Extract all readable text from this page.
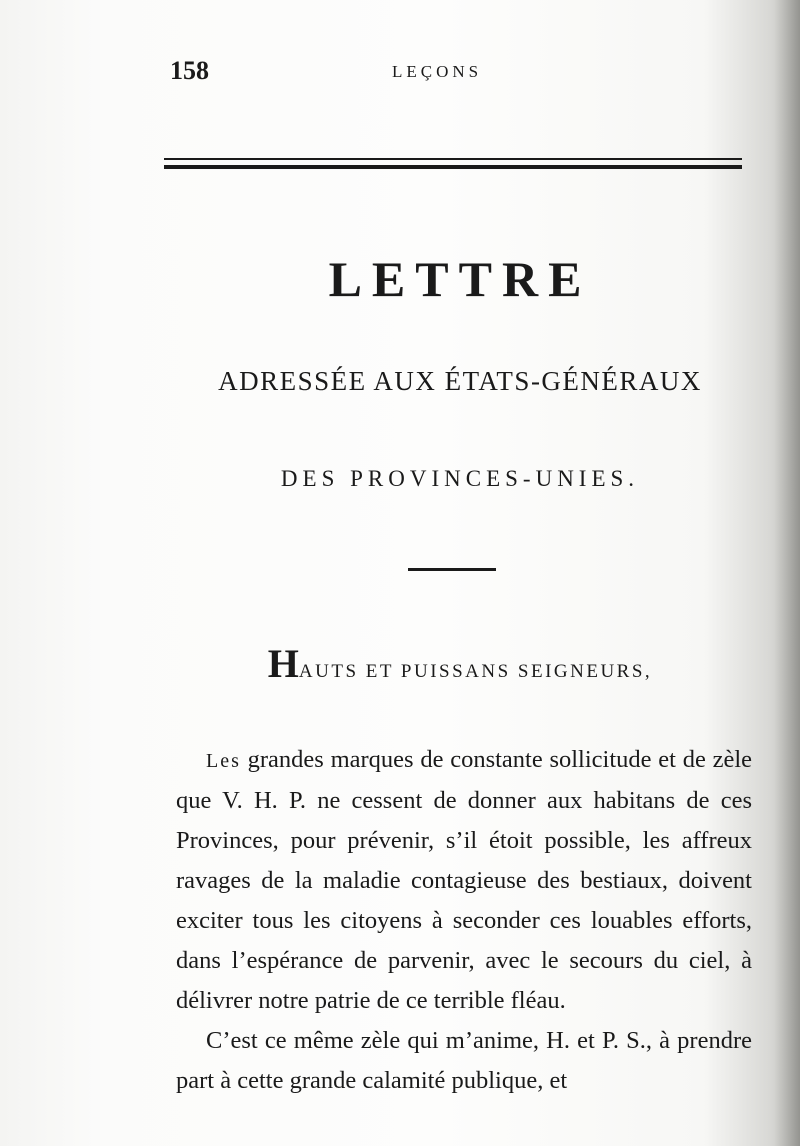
158	LEÇONS
LETTRE
ADRESSÉE AUX ÉTATS-GÉNÉRAUX
DES PROVINCES-UNIES.
HAUTS ET PUISSANS SEIGNEURS,

Les grandes marques de constante sollicitude et de zèle que V. H. P. ne cessent de donner aux habitans de ces Provinces, pour prévenir, s’il étoit possible, les affreux ravages de la maladie contagieuse des bestiaux, doivent exciter tous les citoyens à seconder ces louables efforts, dans l’espérance de parvenir, avec le secours du ciel, à délivrer notre patrie de ce terrible fléau.

C’est ce même zèle qui m’anime, H. et P. S., à prendre part à cette grande calamité publique, et
